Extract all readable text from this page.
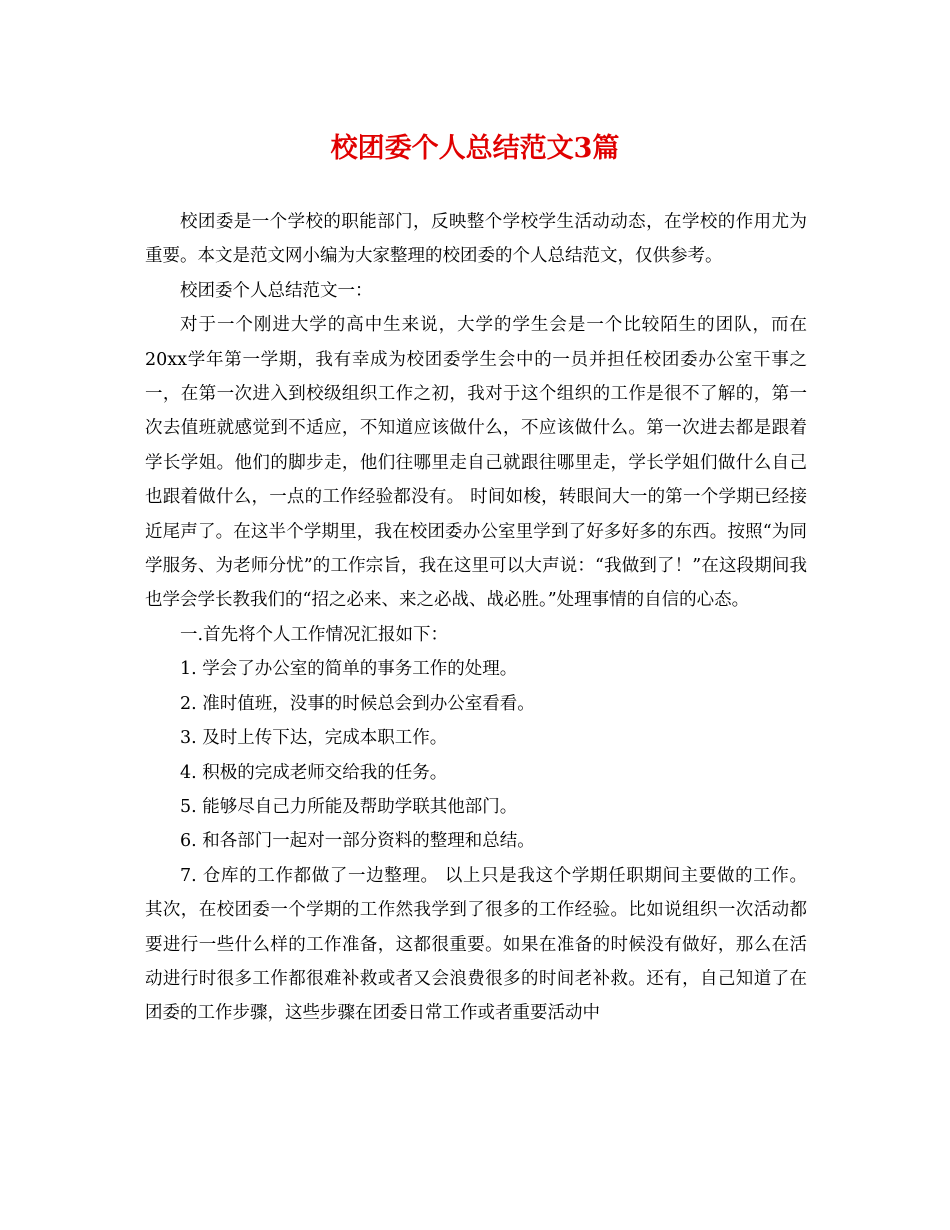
校团委个人总结范文3篇

校团委是一个学校的职能部门，反映整个学校学生活动动态，在学校的作用尤为重要。本文是范文网小编为大家整理的校团委的个人总结范文，仅供参考。

校团委个人总结范文一：

对于一个刚进大学的高中生来说，大学的学生会是一个比较陌生的团队，而在20xx学年第一学期，我有幸成为校团委学生会中的一员并担任校团委办公室干事之一，在第一次进入到校级组织工作之初，我对于这个组织的工作是很不了解的，第一次去值班就感觉到不适应，不知道应该做什么，不应该做什么。第一次进去都是跟着学长学姐。他们的脚步走，他们往哪里走自己就跟往哪里走，学长学姐们做什么自己也跟着做什么，一点的工作经验都没有。 时间如梭，转眼间大一的第一个学期已经接近尾声了。在这半个学期里，我在校团委办公室里学到了好多好多的东西。按照“为同学服务、为老师分忧”的工作宗旨，我在这里可以大声说：“我做到了！”在这段期间我也学会学长教我们的“招之必来、来之必战、战必胜。”处理事情的自信的心态。

一.首先将个人工作情况汇报如下：

1. 学会了办公室的简单的事务工作的处理。

2. 准时值班，没事的时候总会到办公室看看。

3. 及时上传下达，完成本职工作。

4. 积极的完成老师交给我的任务。

5. 能够尽自己力所能及帮助学联其他部门。

6. 和各部门一起对一部分资料的整理和总结。

7. 仓库的工作都做了一边整理。 以上只是我这个学期任职期间主要做的工作。 其次，在校团委一个学期的工作然我学到了很多的工作经验。比如说组织一次活动都要进行一些什么样的工作准备，这都很重要。如果在准备的时候没有做好，那么在活动进行时很多工作都很难补救或者又会浪费很多的时间老补救。还有，自己知道了在团委的工作步骤，这些步骤在团委日常工作或者重要活动中
